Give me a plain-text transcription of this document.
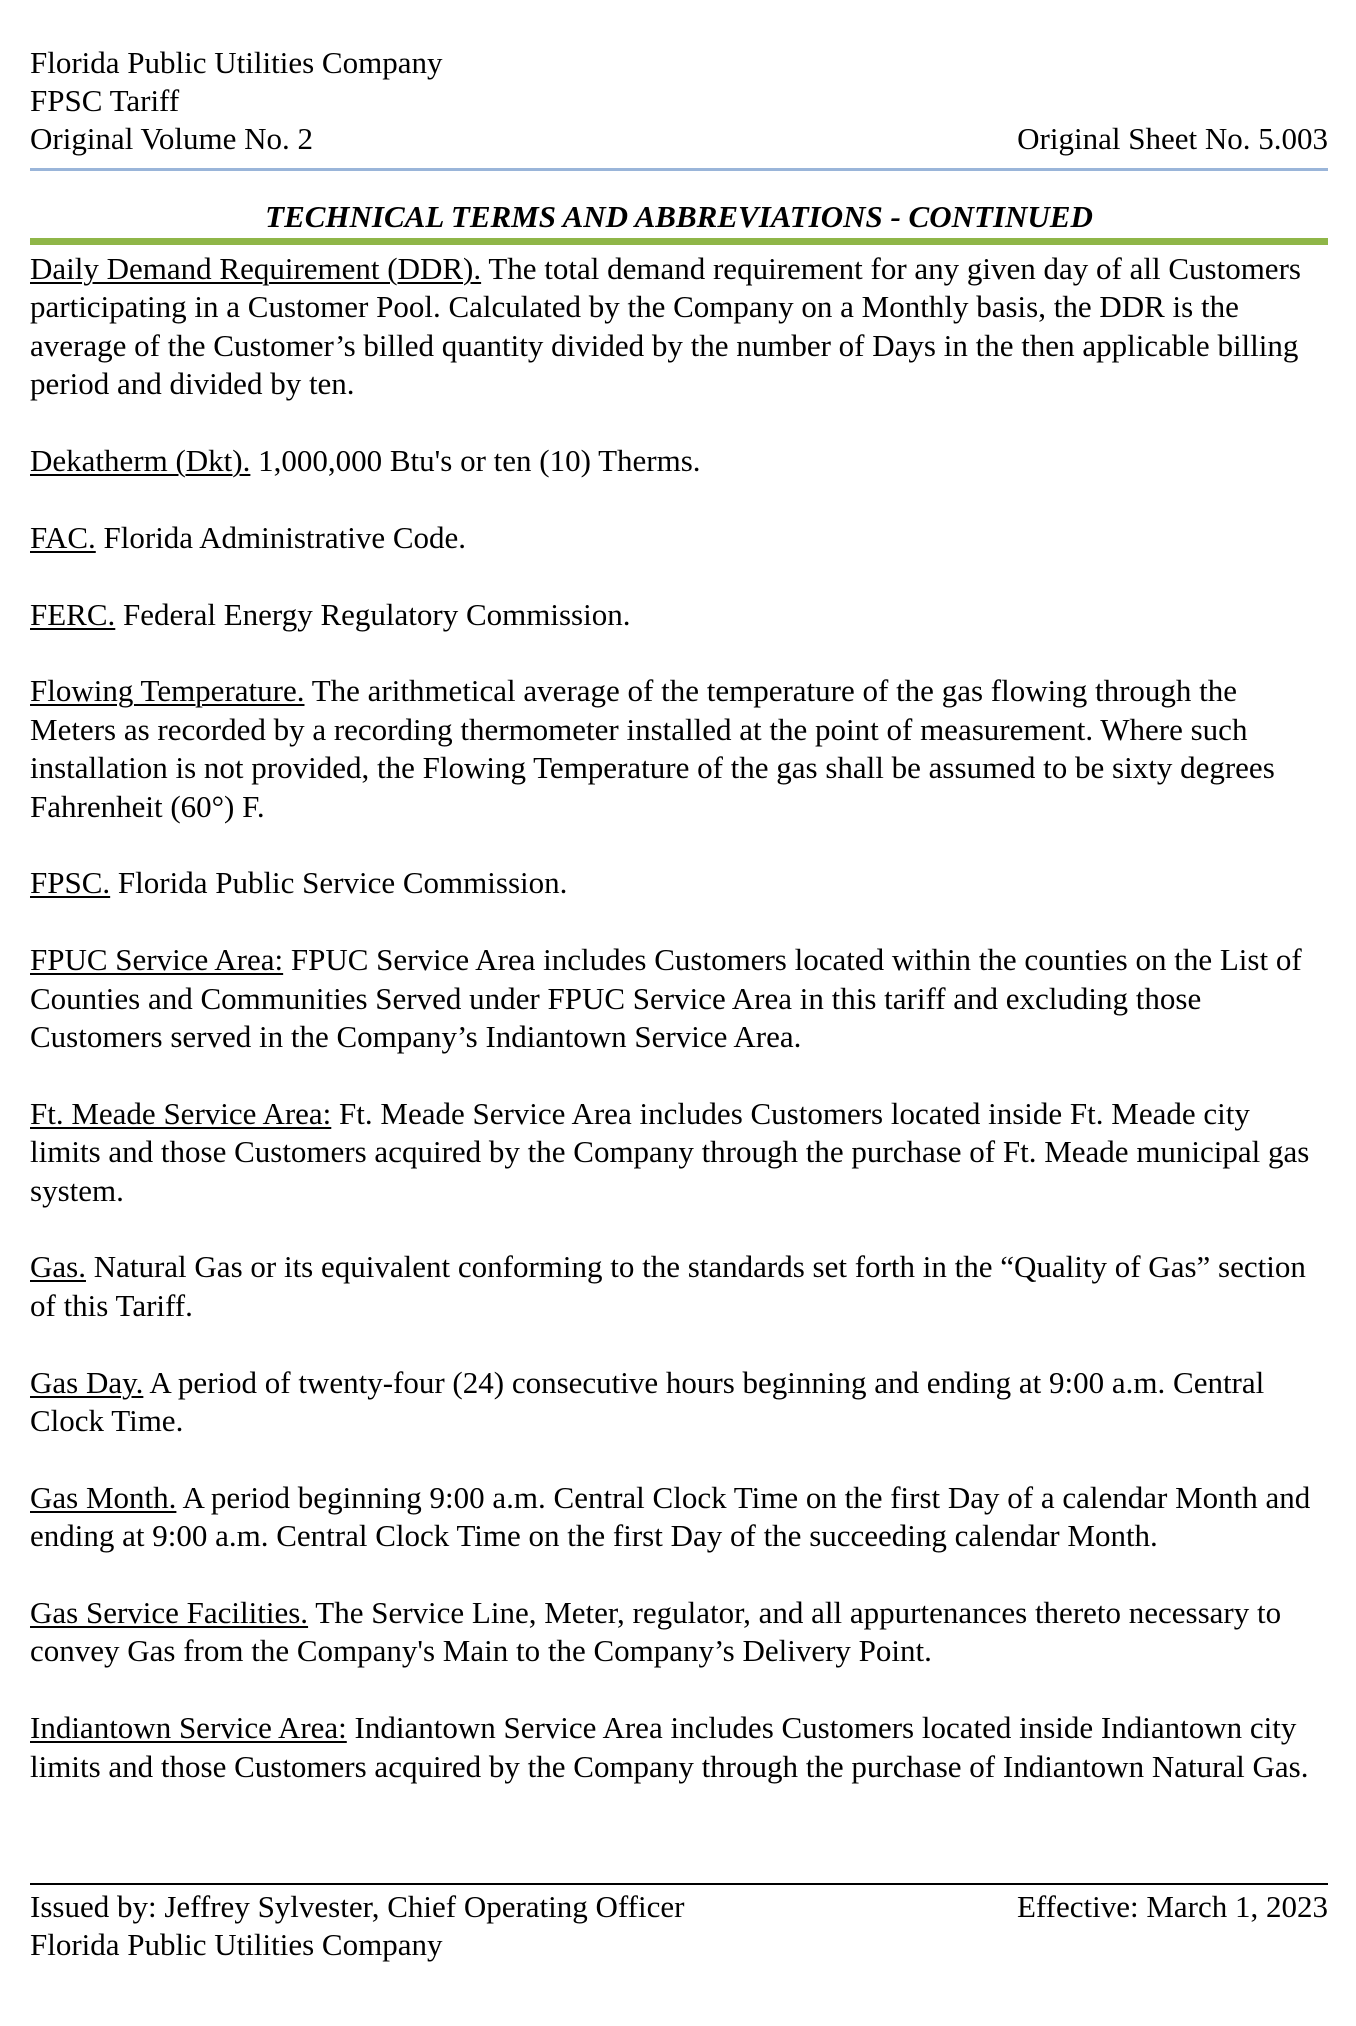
Florida Public Utilities Company
FPSC Tariff
Original Volume No. 2	Original Sheet No. 5.003
TECHNICAL TERMS AND ABBREVIATIONS - CONTINUED

Daily Demand Requirement (DDR). The total demand requirement for any given day of all Customers participating in a Customer Pool. Calculated by the Company on a Monthly basis, the DDR is the average of the Customer’s billed quantity divided by the number of Days in the then applicable billing period and divided by ten.

Dekatherm (Dkt). 1,000,000 Btu's or ten (10) Therms.

FAC. Florida Administrative Code.

FERC. Federal Energy Regulatory Commission.

Flowing Temperature. The arithmetical average of the temperature of the gas flowing through the Meters as recorded by a recording thermometer installed at the point of measurement. Where such installation is not provided, the Flowing Temperature of the gas shall be assumed to be sixty degrees Fahrenheit (60°) F.

FPSC. Florida Public Service Commission.

FPUC Service Area: FPUC Service Area includes Customers located within the counties on the List of Counties and Communities Served under FPUC Service Area in this tariff and excluding those Customers served in the Company’s Indiantown Service Area.

Ft. Meade Service Area: Ft. Meade Service Area includes Customers located inside Ft. Meade city limits and those Customers acquired by the Company through the purchase of Ft. Meade municipal gas system.

Gas. Natural Gas or its equivalent conforming to the standards set forth in the “Quality of Gas” section of this Tariff.

Gas Day. A period of twenty-four (24) consecutive hours beginning and ending at 9:00 a.m. Central Clock Time.

Gas Month. A period beginning 9:00 a.m. Central Clock Time on the first Day of a calendar Month and ending at 9:00 a.m. Central Clock Time on the first Day of the succeeding calendar Month.

Gas Service Facilities. The Service Line, Meter, regulator, and all appurtenances thereto necessary to convey Gas from the Company's Main to the Company’s Delivery Point.

Indiantown Service Area: Indiantown Service Area includes Customers located inside Indiantown city limits and those Customers acquired by the Company through the purchase of Indiantown Natural Gas.

Issued by: Jeffrey Sylvester, Chief Operating Officer	Effective: March 1, 2023
Florida Public Utilities Company
